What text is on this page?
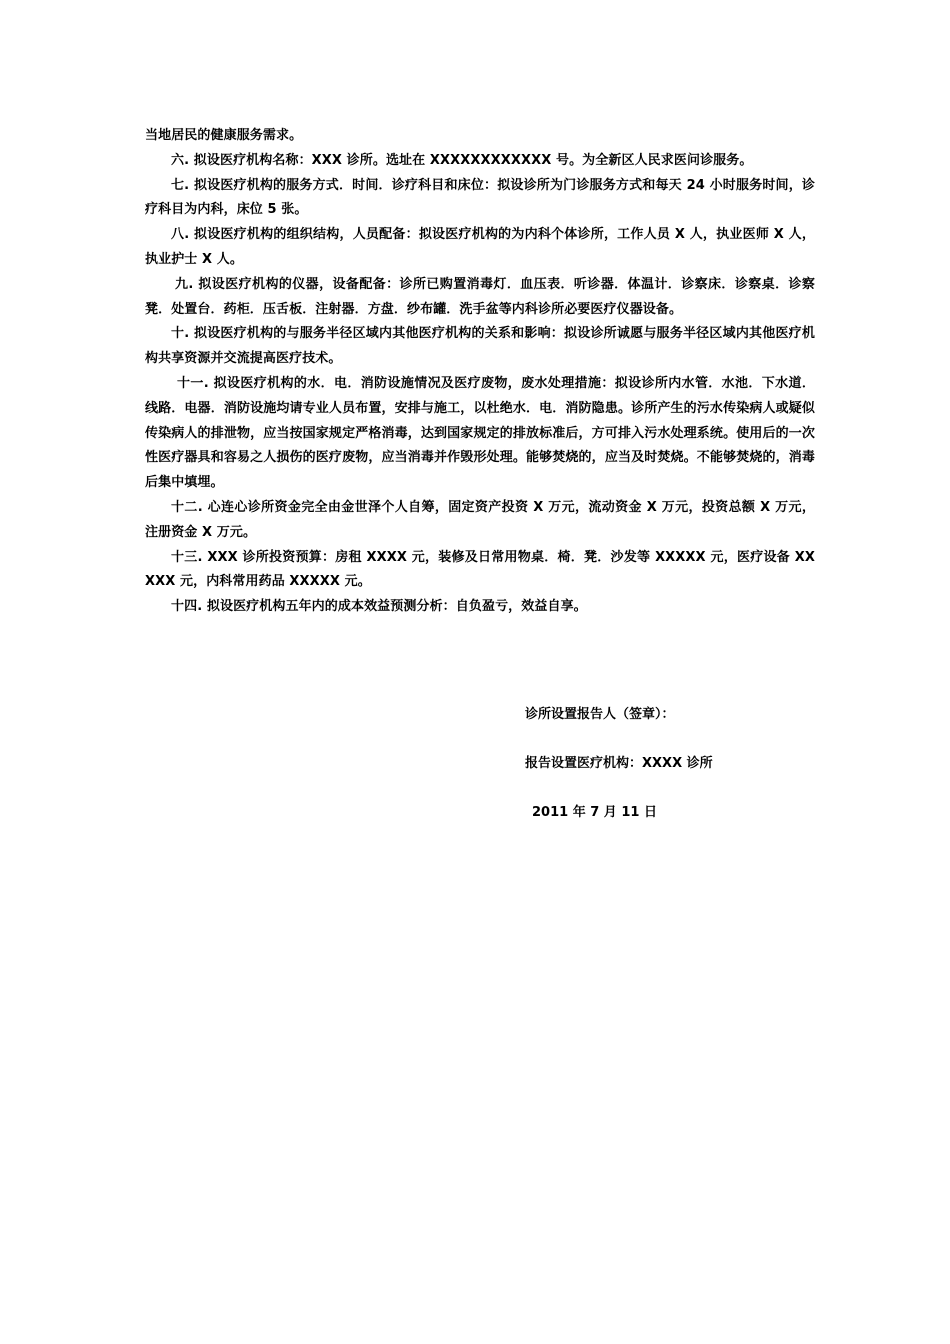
当地居民的健康服务需求。

六. 拟设医疗机构名称：XXX 诊所。选址在 XXXXXXXXXXXX 号。为全新区人民求医问诊服务。

七. 拟设医疗机构的服务方式．时间．诊疗科目和床位：拟设诊所为门诊服务方式和每天 24 小时服务时间，诊疗科目为内科，床位 5 张。

八. 拟设医疗机构的组织结构，人员配备：拟设医疗机构的为内科个体诊所，工作人员 X 人，执业医师 X 人，执业护士 X 人。

九. 拟设医疗机构的仪器，设备配备：诊所已购置消毒灯．血压表．听诊器．体温计．诊察床．诊察桌．诊察凳．处置台．药柜．压舌板．注射器．方盘．纱布罐．洗手盆等内科诊所必要医疗仪器设备。

十. 拟设医疗机构的与服务半径区域内其他医疗机构的关系和影响：拟设诊所诚愿与服务半径区域内其他医疗机构共享资源并交流提高医疗技术。

十一. 拟设医疗机构的水．电．消防设施情况及医疗废物，废水处理措施：拟设诊所内水管．水池．下水道．线路．电器．消防设施均请专业人员布置，安排与施工，以杜绝水．电．消防隐患。诊所产生的污水传染病人或疑似传染病人的排泄物，应当按国家规定严格消毒，达到国家规定的排放标准后，方可排入污水处理系统。使用后的一次性医疗器具和容易之人损伤的医疗废物，应当消毒并作毁形处理。能够焚烧的，应当及时焚烧。不能够焚烧的，消毒后集中填埋。

十二. 心连心诊所资金完全由金世泽个人自筹，固定资产投资 X 万元，流动资金 X 万元，投资总额 X 万元，注册资金 X 万元。

十三. XXX 诊所投资预算：房租 XXXX 元，装修及日常用物桌．椅．凳．沙发等 XXXXX 元，医疗设备 XXXXX 元，内科常用药品 XXXXX 元。

十四. 拟设医疗机构五年内的成本效益预测分析：自负盈亏，效益自享。

诊所设置报告人（签章）：
报告设置医疗机构：XXXX 诊所
2011 年 7 月 11 日
